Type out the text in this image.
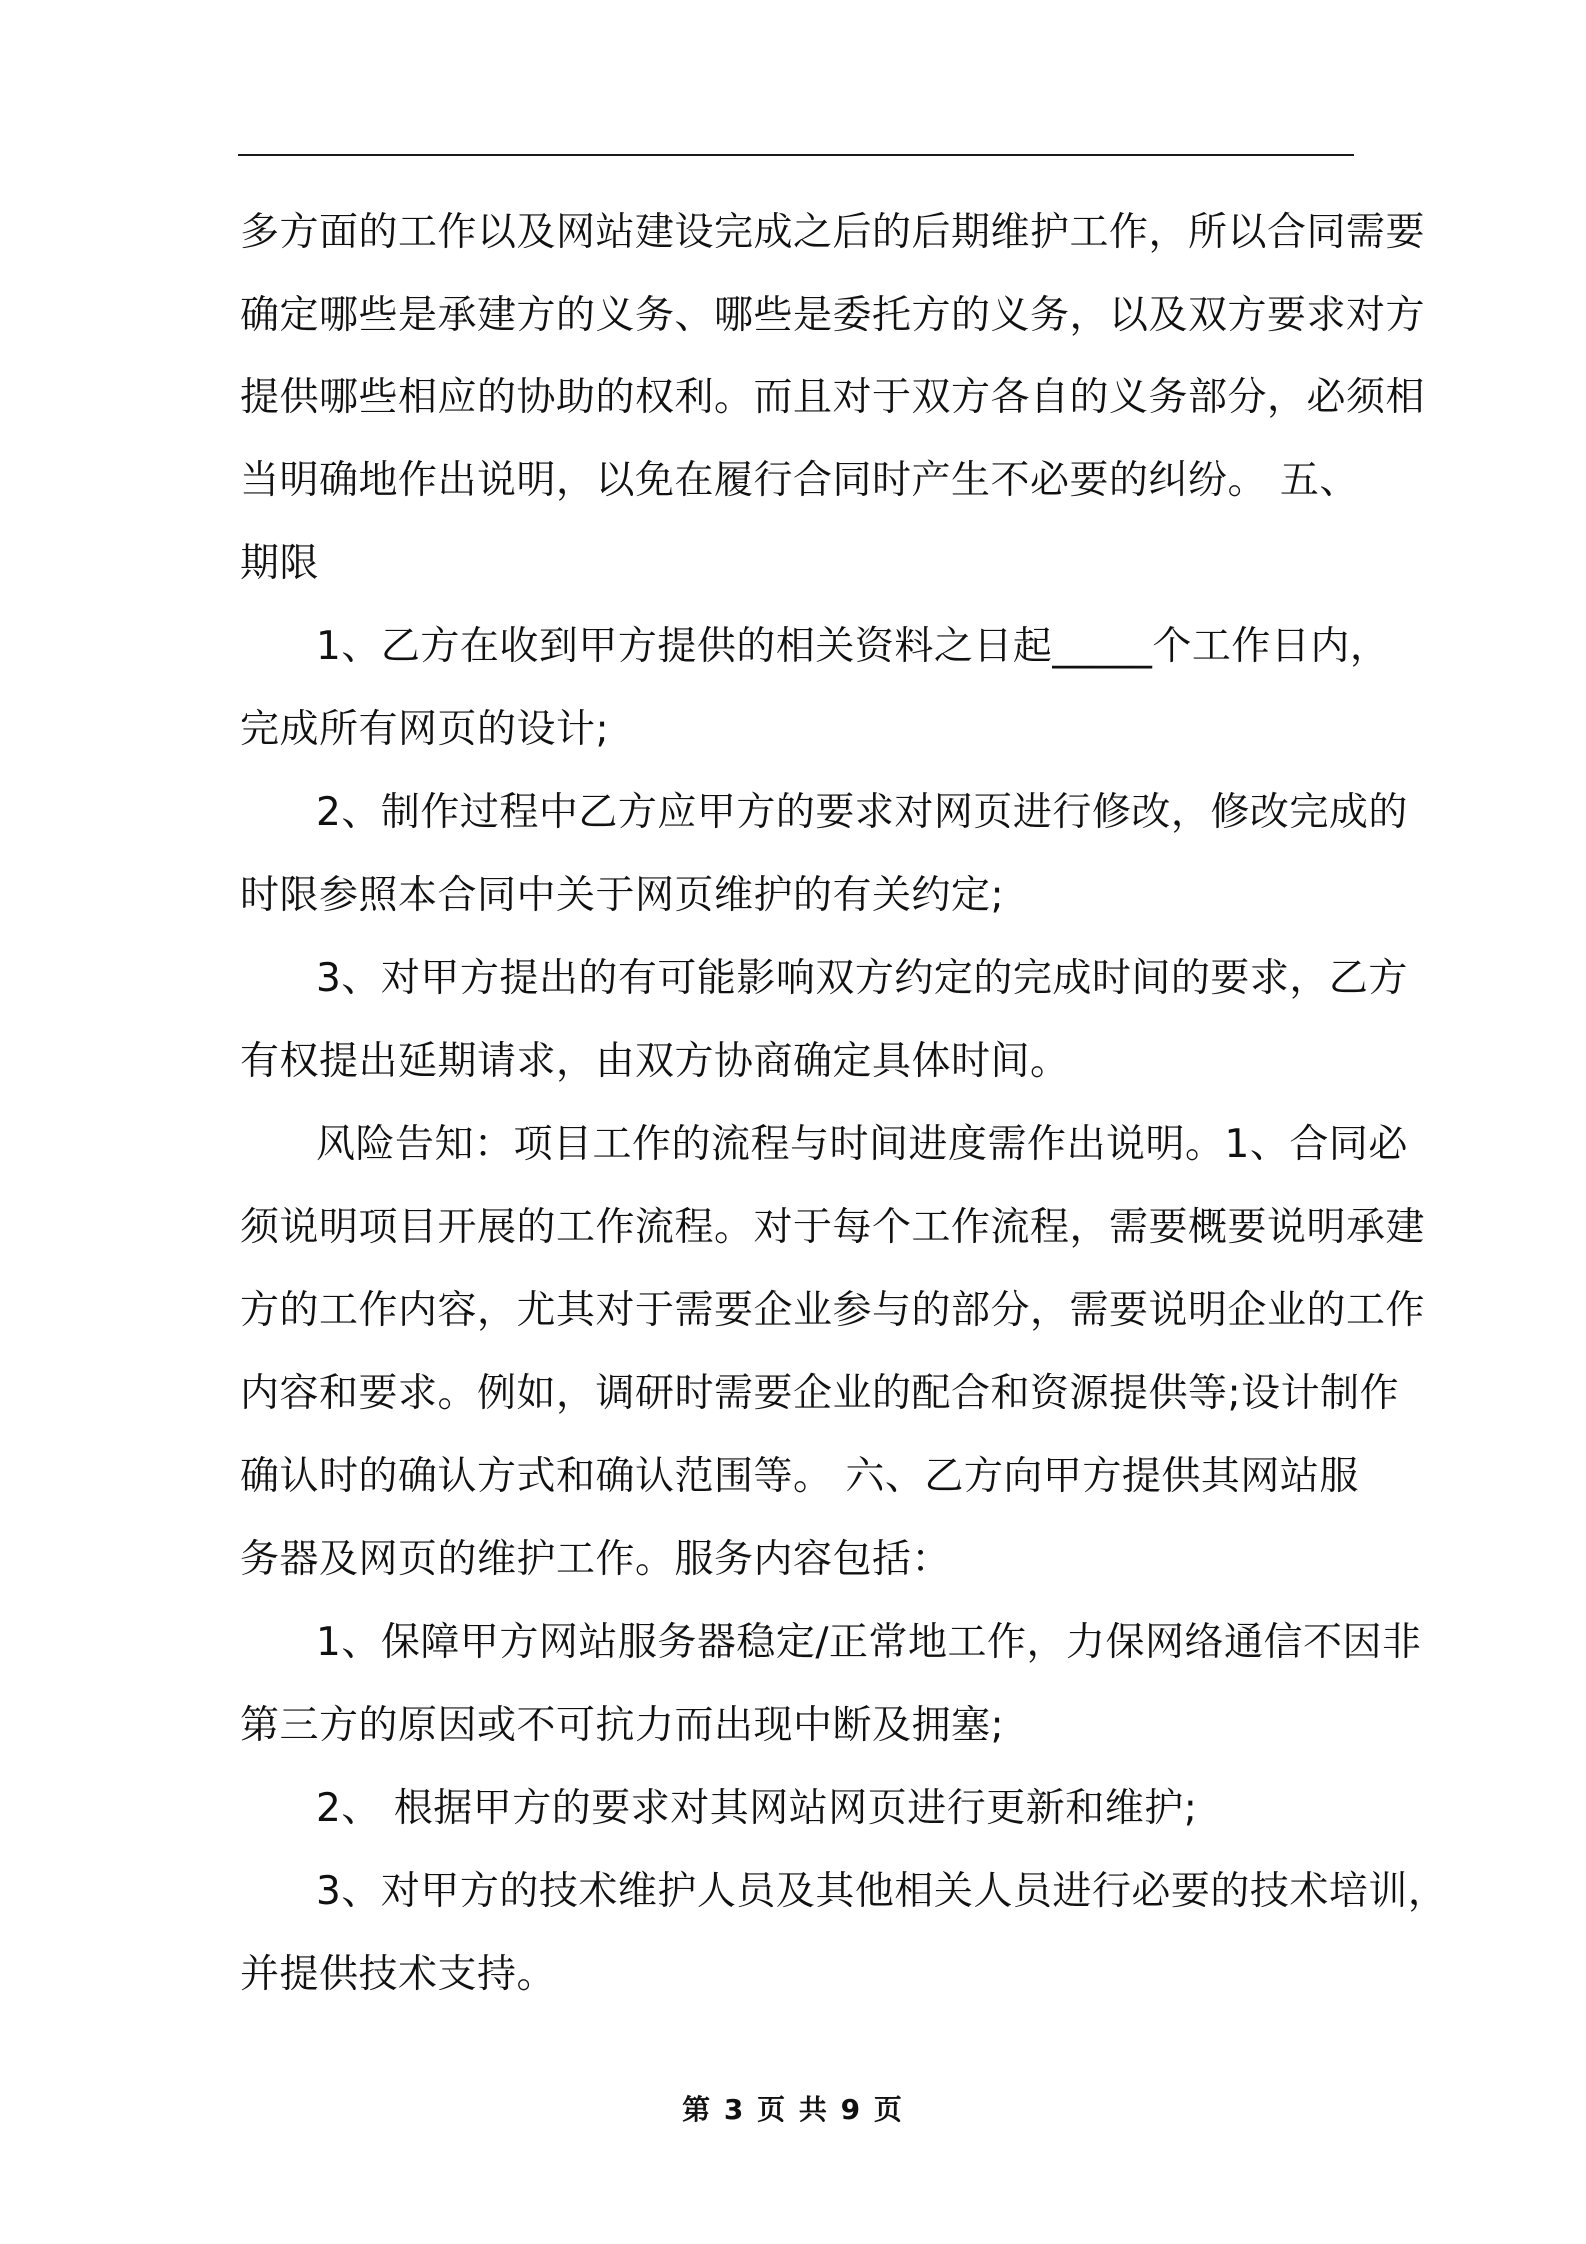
多方面的工作以及网站建设完成之后的后期维护工作，所以合同需要
确定哪些是承建方的义务、哪些是委托方的义务，以及双方要求对方
提供哪些相应的协助的权利。而且对于双方各自的义务部分，必须相
当明确地作出说明，以免在履行合同时产生不必要的纠纷。 五、
期限
1、乙方在收到甲方提供的相关资料之日起_____个工作日内，
完成所有网页的设计;
2、制作过程中乙方应甲方的要求对网页进行修改，修改完成的
时限参照本合同中关于网页维护的有关约定;
3、对甲方提出的有可能影响双方约定的完成时间的要求，乙方
有权提出延期请求，由双方协商确定具体时间。
风险告知：项目工作的流程与时间进度需作出说明。1、合同必
须说明项目开展的工作流程。对于每个工作流程，需要概要说明承建
方的工作内容，尤其对于需要企业参与的部分，需要说明企业的工作
内容和要求。例如，调研时需要企业的配合和资源提供等;设计制作
确认时的确认方式和确认范围等。 六、乙方向甲方提供其网站服
务器及网页的维护工作。服务内容包括：
1、保障甲方网站服务器稳定/正常地工作，力保网络通信不因非
第三方的原因或不可抗力而出现中断及拥塞;
2、 根据甲方的要求对其网站网页进行更新和维护;
3、对甲方的技术维护人员及其他相关人员进行必要的技术培训，
并提供技术支持。
第 3 页 共 9 页
